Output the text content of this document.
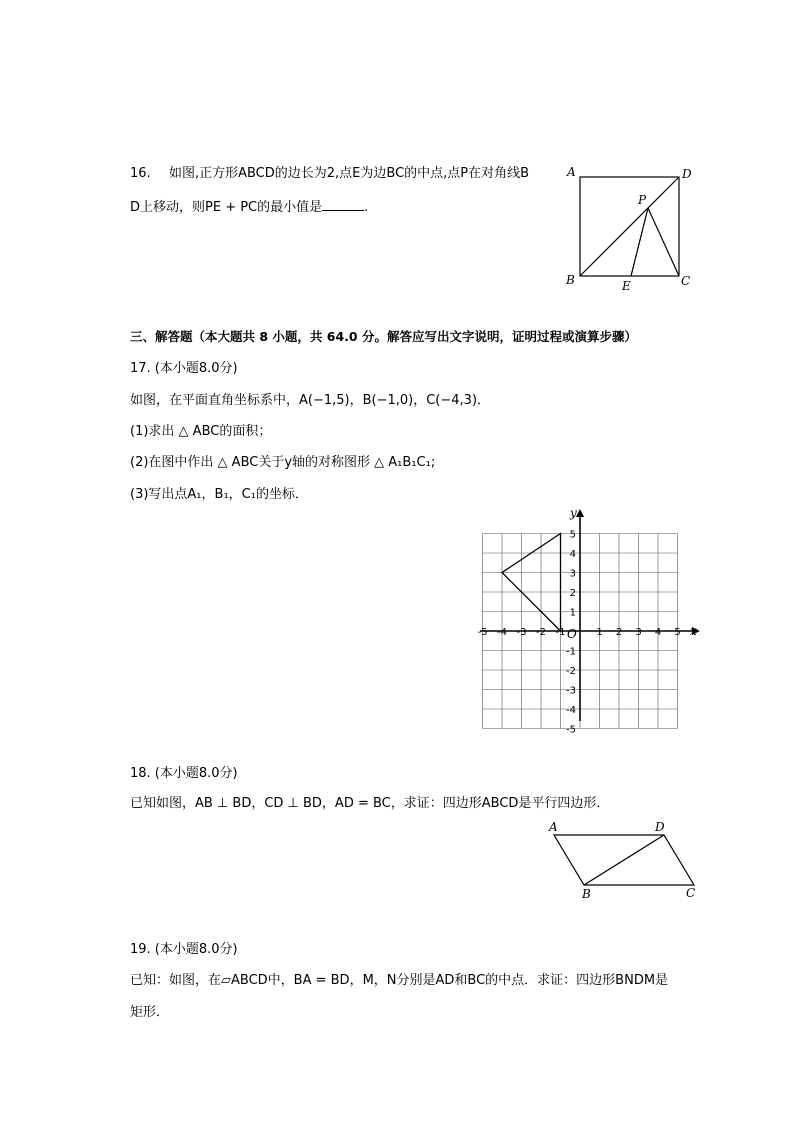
16. 如图,正方形ABCD的边长为2,点E为边BC的中点,点P在对角线B
D上移动，则PE + PC的最小值是	.
A	D
P
B	E	C
三、解答题（本大题共 8 小题，共 64.0 分。解答应写出文字说明，证明过程或演算步骤）
17. (本小题8.0分)
如图，在平面直角坐标系中，A(−1,5)，B(−1,0)，C(−4,3)．
(1)求出 △ ABC的面积；
(2)在图中作出 △ ABC关于y轴的对称图形 △ A₁B₁C₁;
(3)写出点A₁，B₁，C₁的坐标．
x
y
O
-5 -4 -3 -2 -1	1 2 3 4 5
5
4
3
2
1
-1
-2
-3
-4
-5
18. (本小题8.0分)
已知如图，AB ⊥ BD，CD ⊥ BD，AD = BC，求证：四边形ABCD是平行四边形．
A	D
B	C
19. (本小题8.0分)
已知：如图，在▱ABCD中，BA = BD，M，N分别是AD和BC的中点．求证：四边形BNDM是
矩形．
